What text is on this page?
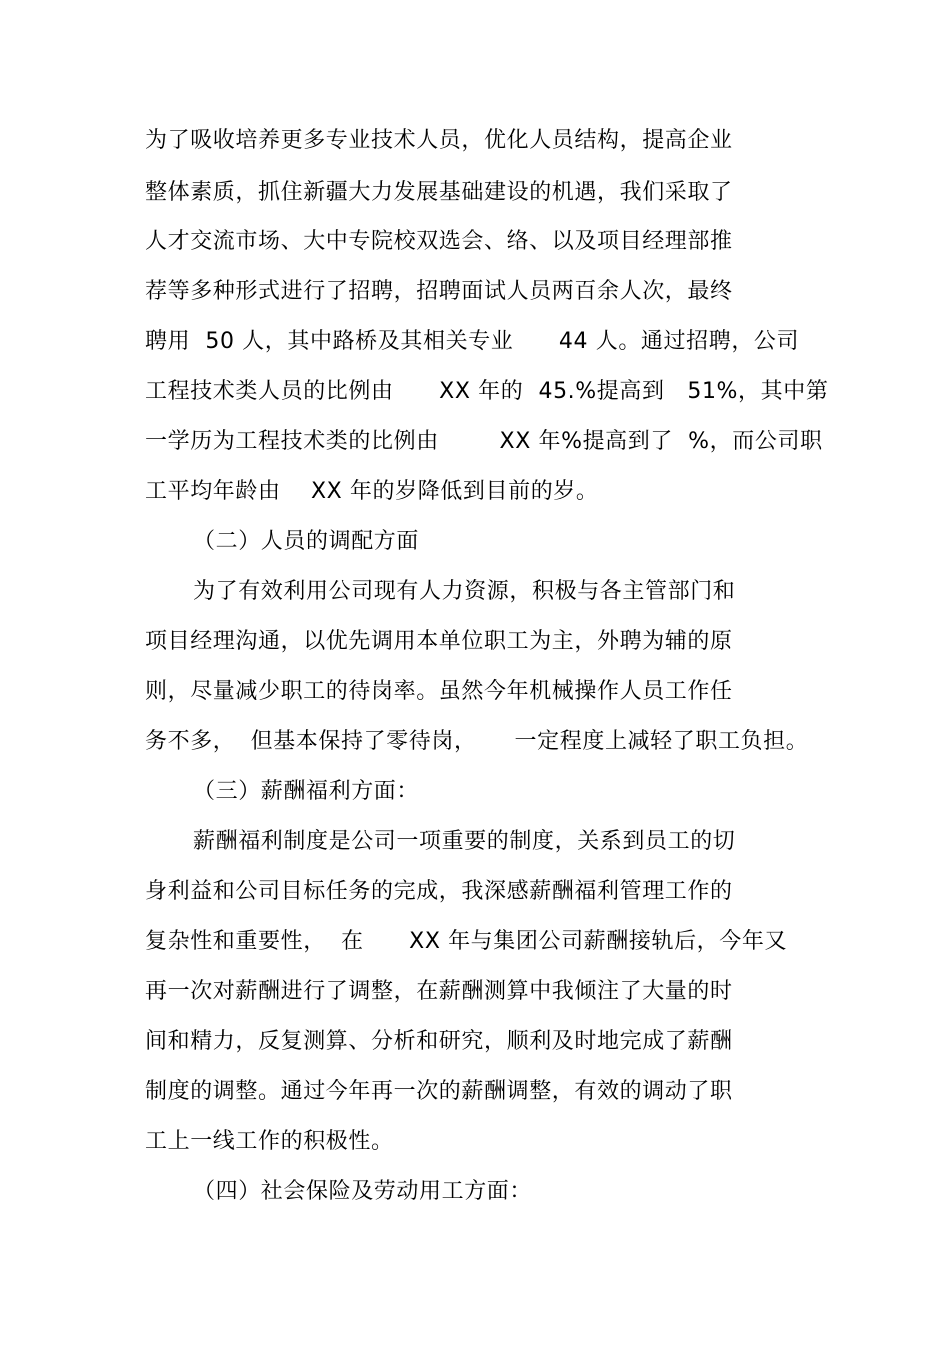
为了吸收培养更多专业技术人员，优化人员结构，提高企业
整体素质，抓住新疆大力发展基础建设的机遇，我们采取了
人才交流市场、大中专院校双选会、络、以及项目经理部推
荐等多种形式进行了招聘，招聘面试人员两百余人次，最终
聘用  50 人，其中路桥及其相关专业      44 人。通过招聘，公司
工程技术类人员的比例由      XX 年的  45.%提高到   51%，其中第
一学历为工程技术类的比例由        XX 年%提高到了  %，而公司职
工平均年龄由    XX 年的岁降低到目前的岁。
（二）人员的调配方面
为了有效利用公司现有人力资源，积极与各主管部门和
项目经理沟通，以优先调用本单位职工为主，外聘为辅的原
则，尽量减少职工的待岗率。虽然今年机械操作人员工作任
务不多，  但基本保持了零待岗，     一定程度上减轻了职工负担。
（三）薪酬福利方面：
薪酬福利制度是公司一项重要的制度，关系到员工的切
身利益和公司目标任务的完成，我深感薪酬福利管理工作的
复杂性和重要性，  在      XX 年与集团公司薪酬接轨后，今年又
再一次对薪酬进行了调整，在薪酬测算中我倾注了大量的时
间和精力，反复测算、分析和研究，顺利及时地完成了薪酬
制度的调整。通过今年再一次的薪酬调整，有效的调动了职
工上一线工作的积极性。
（四）社会保险及劳动用工方面：
